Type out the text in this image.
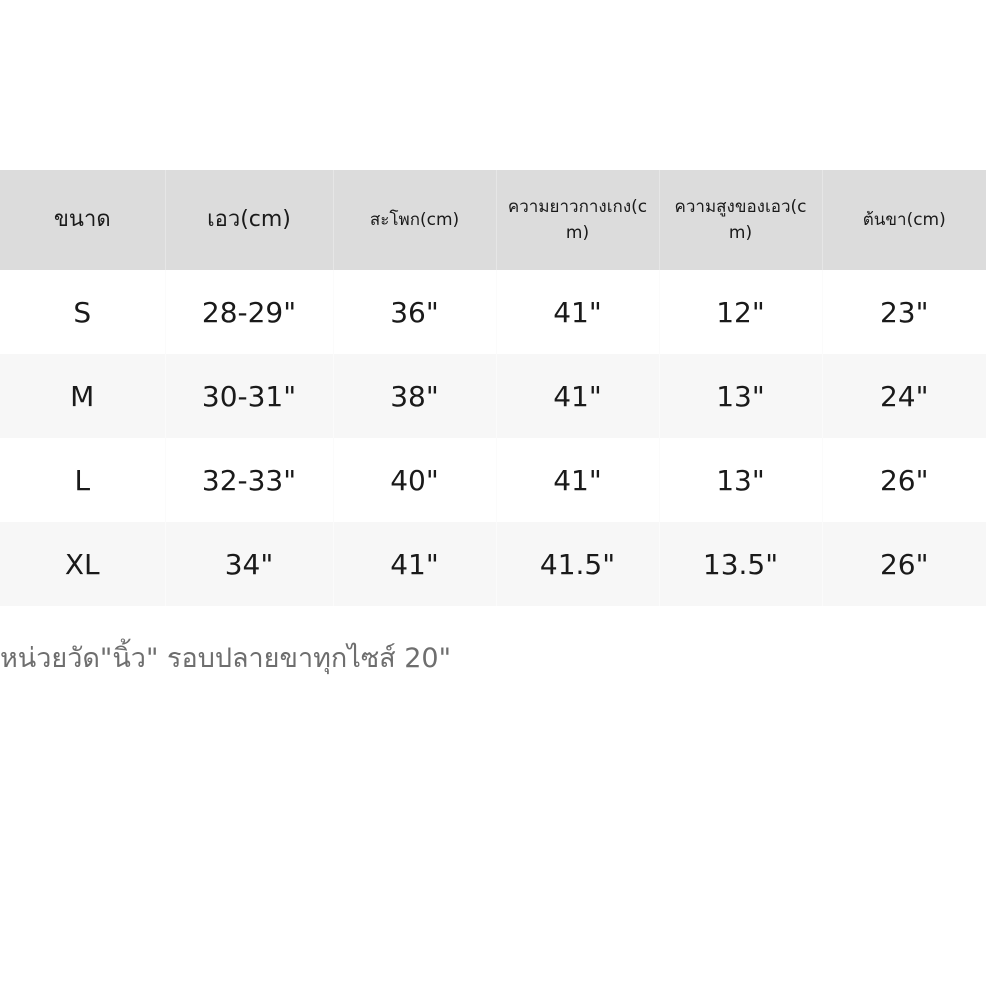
ขนาด	เอว(cm)	สะโพก(cm)	ความยาวกางเกง(cm)	ความสูงของเอว(cm)	ต้นขา(cm)
S	28-29"	36"	41"	12"	23"
M	30-31"	38"	41"	13"	24"
L	32-33"	40"	41"	13"	26"
XL	34"	41"	41.5"	13.5"	26"
หน่วยวัด"นิ้ว" รอบปลายขาทุกไซส์ 20"
